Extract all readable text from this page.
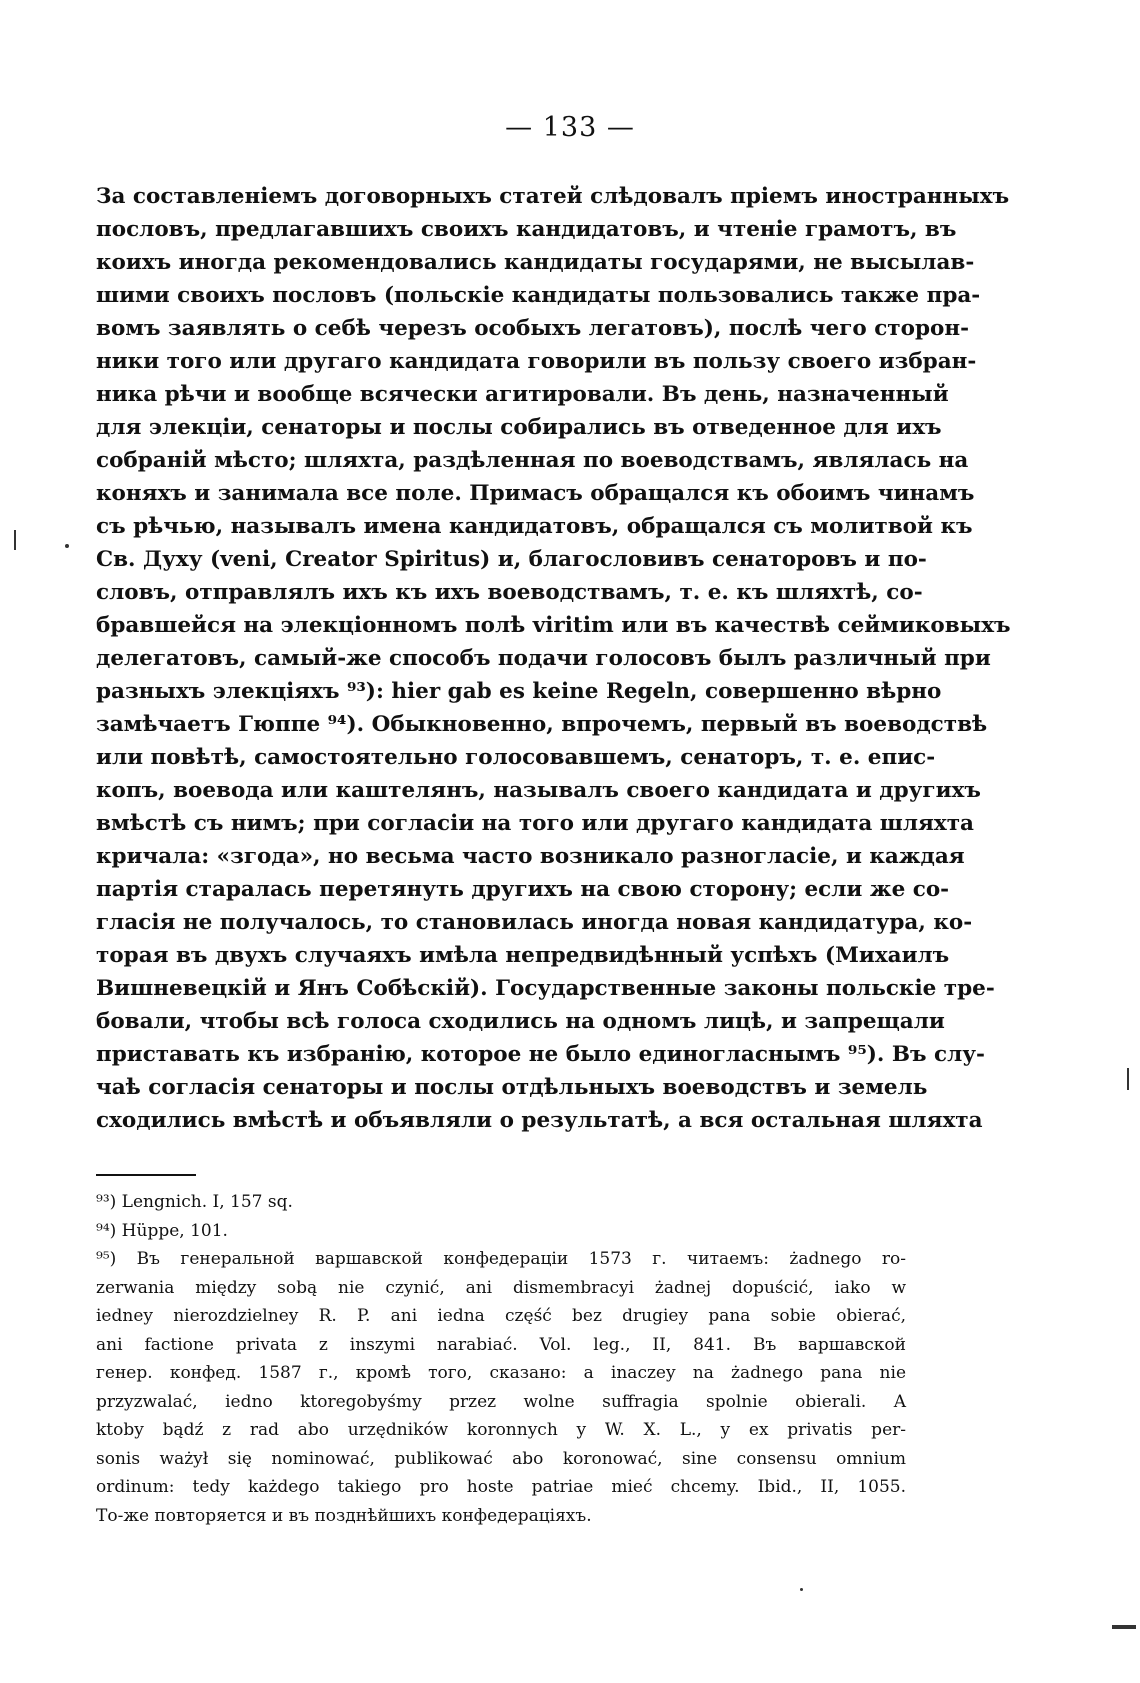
— 133 —
За составленіемъ договорныхъ статей слѣдовалъ пріемъ иностранныхъ
пословъ, предлагавшихъ своихъ кандидатовъ, и чтеніе грамотъ, въ
коихъ иногда рекомендовались кандидаты государями, не высылав-
шими своихъ пословъ (польскіе кандидаты пользовались также пра-
вомъ заявлять о себѣ черезъ особыхъ легатовъ), послѣ чего сторон-
ники того или другаго кандидата говорили въ пользу своего избран-
ника рѣчи и вообще всячески агитировали. Въ день, назначенный
для элекціи, сенаторы и послы собирались въ отведенное для ихъ
собраній мѣсто; шляхта, раздѣленная по воеводствамъ, являлась на
коняхъ и занимала все поле. Примасъ обращался къ обоимъ чинамъ
съ рѣчью, называлъ имена кандидатовъ, обращался съ молитвой къ
Св. Духу (veni, Creator Spiritus) и, благословивъ сенаторовъ и по-
словъ, отправлялъ ихъ къ ихъ воеводствамъ, т. е. къ шляхтѣ, со-
бравшейся на элекціонномъ полѣ viritim или въ качествѣ сеймиковыхъ
делегатовъ, самый-же способъ подачи голосовъ былъ различный при
разныхъ элекціяхъ ⁹³): hier gab es keine Regeln, совершенно вѣрно
замѣчаетъ Гюппе ⁹⁴). Обыкновенно, впрочемъ, первый въ воеводствѣ
или повѣтѣ, самостоятельно голосовавшемъ, сенаторъ, т. е. епис-
копъ, воевода или каштелянъ, называлъ своего кандидата и другихъ
вмѣстѣ съ нимъ; при согласіи на того или другаго кандидата шляхта
кричала: «згода», но весьма часто возникало разногласіе, и каждая
партія старалась перетянуть другихъ на свою сторону; если же со-
гласія не получалось, то становилась иногда новая кандидатура, ко-
торая въ двухъ случаяхъ имѣла непредвидѣнный успѣхъ (Михаилъ
Вишневецкій и Янъ Собѣскій). Государственные законы польскіе тре-
бовали, чтобы всѣ голоса сходились на одномъ лицѣ, и запрещали
приставать къ избранію, которое не было единогласнымъ ⁹⁵). Въ слу-
чаѣ согласія сенаторы и послы отдѣльныхъ воеводствъ и земель
сходились вмѣстѣ и объявляли о результатѣ, а вся остальная шляхта
⁹³) Lengnich. I, 157 sq.
⁹⁴) Hüppe, 101.
⁹⁵) Въ генеральной варшавской конфедераціи 1573 г. читаемъ: żadnego ro-
zerwania między sobą nie czynić, ani dismembracyi żadnej dopuścić, iako w
iedney nierozdzielney R. P. ani iedna część bez drugiey pana sobie obierać,
ani factione privata z inszymi narabiać. Vol. leg., II, 841. Въ варшавской
генер. конфед. 1587 г., кромѣ того, сказано: a inaczey na żadnego pana nie
przyzwalać, iedno ktoregobyśmy przez wolne suffragia spolnie obierali. A
ktoby bądź z rad abo urzędników koronnych y W. X. L., y ex privatis per-
sonis ważył się nominować, publikować abo koronować, sine consensu omnium
ordinum: tedy każdego takiego pro hoste patriae mieć chcemy. Ibid., II, 1055.
То-же повторяется и въ позднѣйшихъ конфедераціяхъ.
